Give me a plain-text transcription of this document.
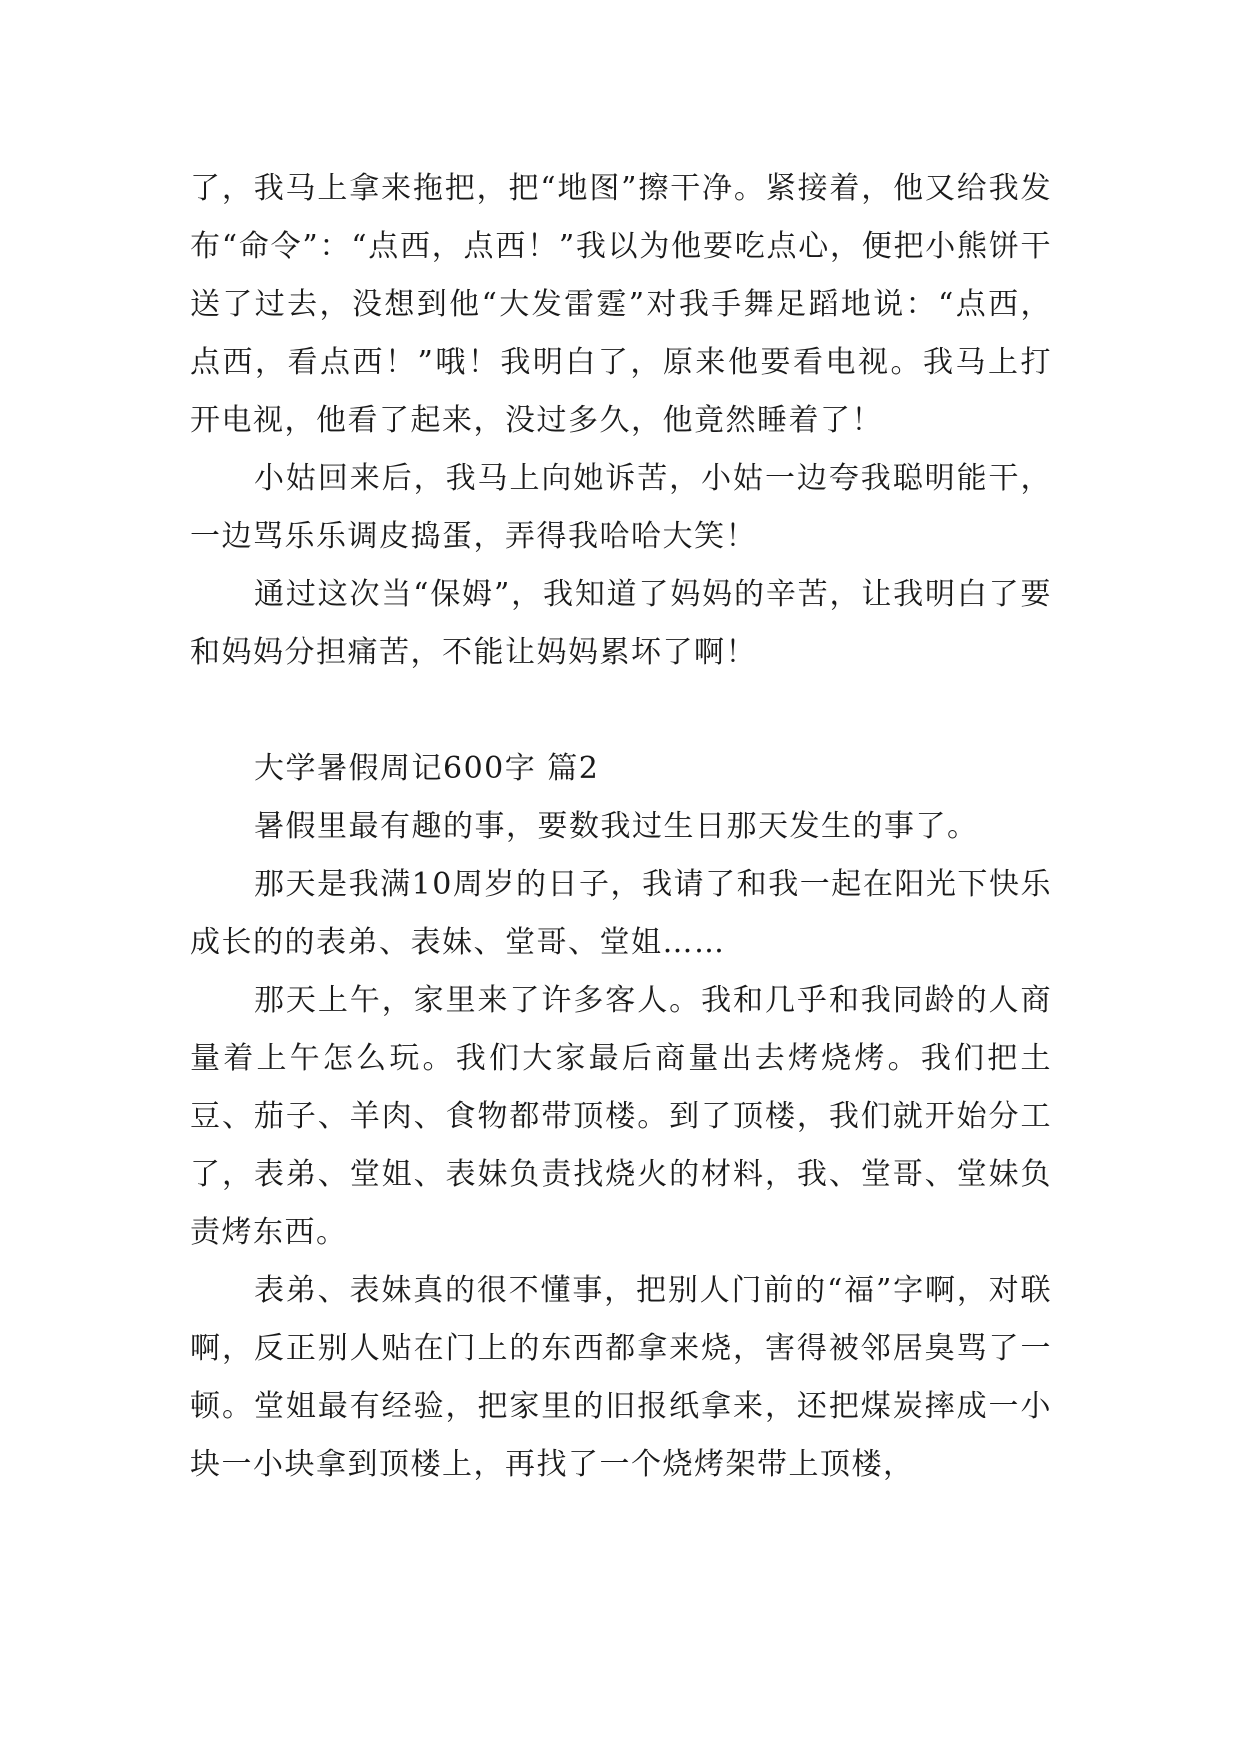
了，我马上拿来拖把，把“地图”擦干净。紧接着，他又给我发布“命令”：“点西，点西！”我以为他要吃点心，便把小熊饼干送了过去，没想到他“大发雷霆”对我手舞足蹈地说：“点西，点西，看点西！”哦！我明白了，原来他要看电视。我马上打开电视，他看了起来，没过多久，他竟然睡着了！

小姑回来后，我马上向她诉苦，小姑一边夸我聪明能干，一边骂乐乐调皮捣蛋，弄得我哈哈大笑！

通过这次当“保姆”，我知道了妈妈的辛苦，让我明白了要和妈妈分担痛苦，不能让妈妈累坏了啊！

大学暑假周记600字 篇2

暑假里最有趣的事，要数我过生日那天发生的事了。

那天是我满10周岁的日子，我请了和我一起在阳光下快乐成长的的表弟、表妹、堂哥、堂姐……

那天上午，家里来了许多客人。我和几乎和我同龄的人商量着上午怎么玩。我们大家最后商量出去烤烧烤。我们把土豆、茄子、羊肉、食物都带顶楼。到了顶楼，我们就开始分工了，表弟、堂姐、表妹负责找烧火的材料，我、堂哥、堂妹负责烤东西。

表弟、表妹真的很不懂事，把别人门前的“福”字啊，对联啊，反正别人贴在门上的东西都拿来烧，害得被邻居臭骂了一顿。堂姐最有经验，把家里的旧报纸拿来，还把煤炭摔成一小块一小块拿到顶楼上，再找了一个烧烤架带上顶楼，
